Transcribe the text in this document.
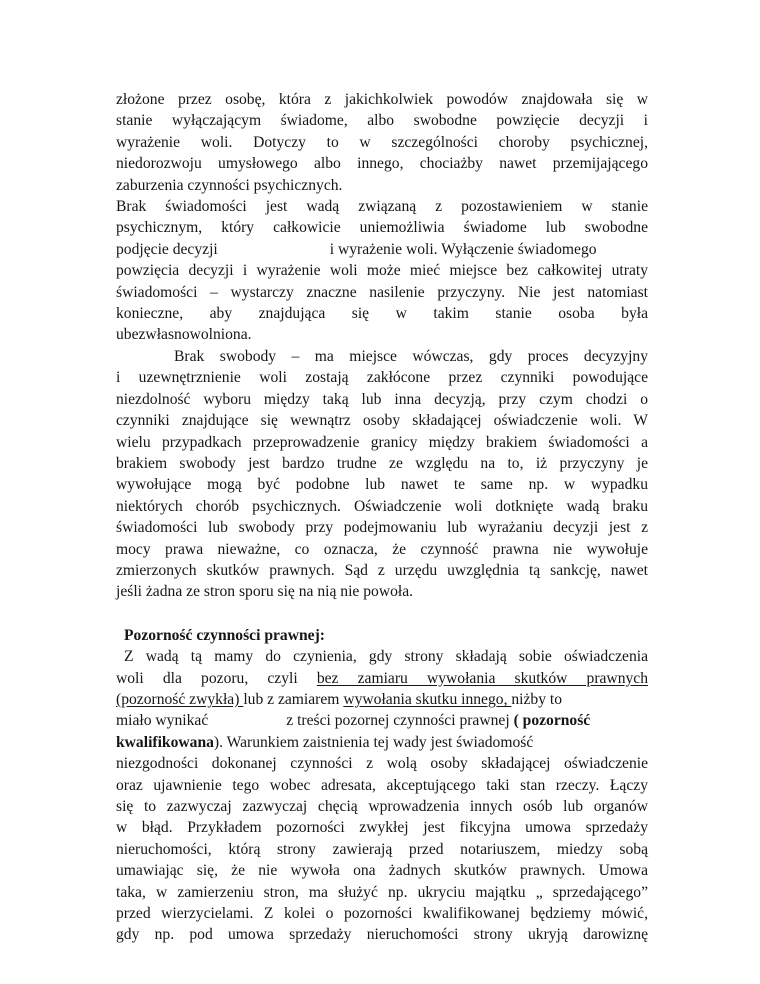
złożone przez osobę, która z jakichkolwiek powodów znajdowała się w
stanie wyłączającym świadome, albo swobodne powzięcie decyzji i
wyrażenie woli. Dotyczy to w szczególności choroby psychicznej,
niedorozwoju umysłowego albo innego, chociażby nawet przemijającego
zaburzenia czynności psychicznych.
Brak świadomości jest wadą związaną z pozostawieniem w stanie
psychicznym, który całkowicie uniemożliwia świadome lub swobodne
podjęcie decyzji	i wyrażenie woli. Wyłączenie świadomego
powzięcia decyzji i wyrażenie woli może mieć miejsce bez całkowitej utraty
świadomości – wystarczy znaczne nasilenie przyczyny. Nie jest natomiast
konieczne, aby znajdująca się w takim stanie osoba była
ubezwłasnowolniona.
Brak swobody – ma miejsce wówczas, gdy proces decyzyjny
i uzewnętrznienie woli zostają zakłócone przez czynniki powodujące
niezdolność wyboru między taką lub inna decyzją, przy czym chodzi o
czynniki znajdujące się wewnątrz osoby składającej oświadczenie woli. W
wielu przypadkach przeprowadzenie granicy między brakiem świadomości a
brakiem swobody jest bardzo trudne ze względu na to, iż przyczyny je
wywołujące mogą być podobne lub nawet te same np. w wypadku
niektórych chorób psychicznych. Oświadczenie woli dotknięte wadą braku
świadomości lub swobody przy podejmowaniu lub wyrażaniu decyzji jest z
mocy prawa nieważne, co oznacza, że czynność prawna nie wywołuje
zmierzonych skutków prawnych. Sąd z urzędu uwzględnia tą sankcję, nawet
jeśli żadna ze stron sporu się na nią nie powoła.
Pozorność czynności prawnej:
Z wadą tą mamy do czynienia, gdy strony składają sobie oświadczenia
woli dla pozoru, czyli bez zamiaru wywołania skutków prawnych
(pozorność zwykła) lub z zamiarem wywołania skutku innego, niżby to
miało wynikać	z treści pozornej czynności prawnej ( pozorność
kwalifikowana). Warunkiem zaistnienia tej wady jest świadomość
niezgodności dokonanej czynności z wolą osoby składającej oświadczenie
oraz ujawnienie tego wobec adresata, akceptującego taki stan rzeczy. Łączy
się to zazwyczaj zazwyczaj chęcią wprowadzenia innych osób lub organów
w błąd. Przykładem pozorności zwykłej jest fikcyjna umowa sprzedaży
nieruchomości, którą strony zawierają przed notariuszem, miedzy sobą
umawiając się, że nie wywoła ona żadnych skutków prawnych. Umowa
taka, w zamierzeniu stron, ma służyć np. ukryciu majątku „ sprzedającego”
przed wierzycielami. Z kolei o pozorności kwalifikowanej będziemy mówić,
gdy np. pod umowa sprzedaży nieruchomości strony ukryją darowiznę
